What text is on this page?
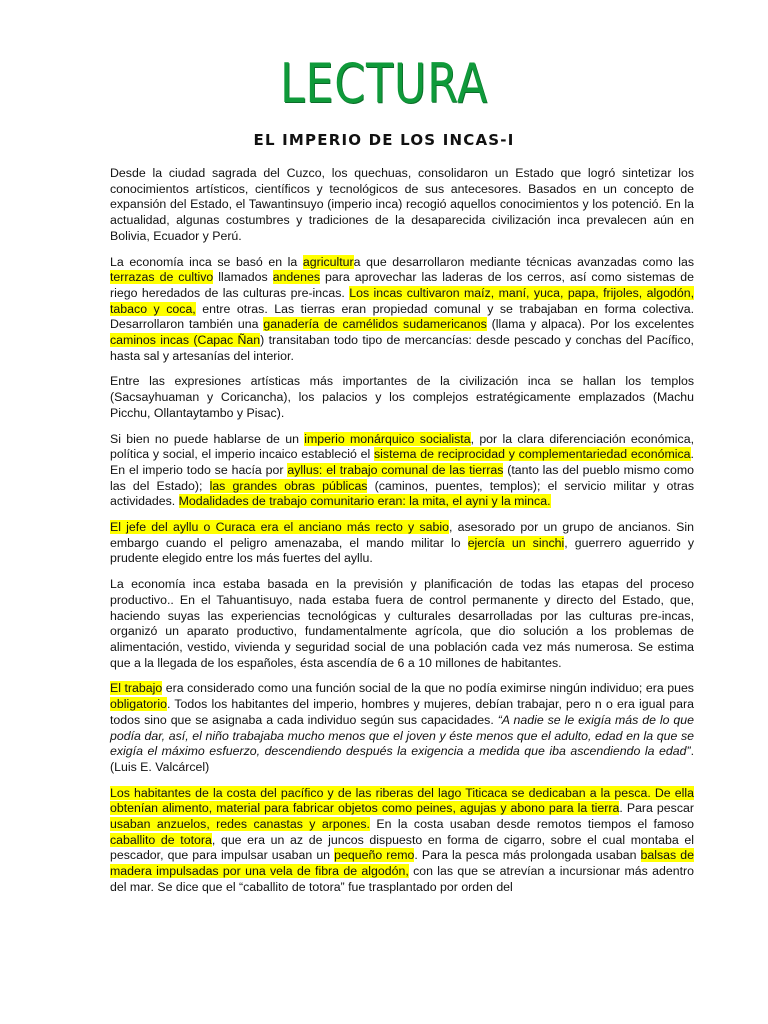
LECTURA
EL IMPERIO DE LOS INCAS-I

Desde la ciudad sagrada del Cuzco, los quechuas, consolidaron un Estado que logró sintetizar los conocimientos artísticos, científicos y tecnológicos de sus antecesores. Basados en un concepto de expansión del Estado, el Tawantinsuyo (imperio inca) recogió aquellos conocimientos y los potenció. En la actualidad, algunas costumbres y tradiciones de la desaparecida civilización inca prevalecen aún en Bolivia, Ecuador y Perú.

La economía inca se basó en la agricultura que desarrollaron mediante técnicas avanzadas como las terrazas de cultivo llamados andenes para aprovechar las laderas de los cerros, así como sistemas de riego heredados de las culturas pre-incas. Los incas cultivaron maíz, maní, yuca, papa, frijoles, algodón, tabaco y coca, entre otras. Las tierras eran propiedad comunal y se trabajaban en forma colectiva. Desarrollaron también una ganadería de camélidos sudamericanos (llama y alpaca). Por los excelentes caminos incas (Capac Ñan) transitaban todo tipo de mercancías: desde pescado y conchas del Pacífico, hasta sal y artesanías del interior.

Entre las expresiones artísticas más importantes de la civilización inca se hallan los templos (Sacsayhuaman y Coricancha), los palacios y los complejos estratégicamente emplazados (Machu Picchu, Ollantaytambo y Pisac).

Si bien no puede hablarse de un imperio monárquico socialista, por la clara diferenciación económica, política y social, el imperio incaico estableció el sistema de reciprocidad y complementariedad económica. En el imperio todo se hacía por ayllus: el trabajo comunal de las tierras (tanto las del pueblo mismo como las del Estado); las grandes obras públicas (caminos, puentes, templos); el servicio militar y otras actividades. Modalidades de trabajo comunitario eran: la mita, el ayni y la minca.

El jefe del ayllu o Curaca era el anciano más recto y sabio, asesorado por un grupo de ancianos. Sin embargo cuando el peligro amenazaba, el mando militar lo ejercía un sinchi, guerrero aguerrido y prudente elegido entre los más fuertes del ayllu.

La economía inca estaba basada en la previsión y planificación de todas las etapas del proceso productivo.. En el Tahuantisuyo, nada estaba fuera de control permanente y directo del Estado, que, haciendo suyas las experiencias tecnológicas y culturales desarrolladas por las culturas pre-incas, organizó un aparato productivo, fundamentalmente agrícola, que dio solución a los problemas de alimentación, vestido, vivienda y seguridad social de una población cada vez más numerosa. Se estima que a la llegada de los españoles, ésta ascendía de 6 a 10 millones de habitantes.

El trabajo era considerado como una función social de la que no podía eximirse ningún individuo; era pues obligatorio. Todos los habitantes del imperio, hombres y mujeres, debían trabajar, pero n o era igual para todos sino que se asignaba a cada individuo según sus capacidades. “A nadie se le exigía más de lo que podía dar, así, el niño trabajaba mucho menos que el joven y éste menos que el adulto, edad en la que se exigía el máximo esfuerzo, descendiendo después la exigencia a medida que iba ascendiendo la edad”. (Luis E. Valcárcel)

Los habitantes de la costa del pacífico y de las riberas del lago Titicaca se dedicaban a la pesca. De ella obtenían alimento, material para fabricar objetos como peines, agujas y abono para la tierra. Para pescar usaban anzuelos, redes canastas y arpones. En la costa usaban desde remotos tiempos el famoso caballito de totora, que era un az de juncos dispuesto en forma de cigarro, sobre el cual montaba el pescador, que para impulsar usaban un pequeño remo. Para la pesca más prolongada usaban balsas de madera impulsadas por una vela de fibra de algodón, con las que se atrevían a incursionar más adentro del mar. Se dice que el “caballito de totora” fue trasplantado por orden del
